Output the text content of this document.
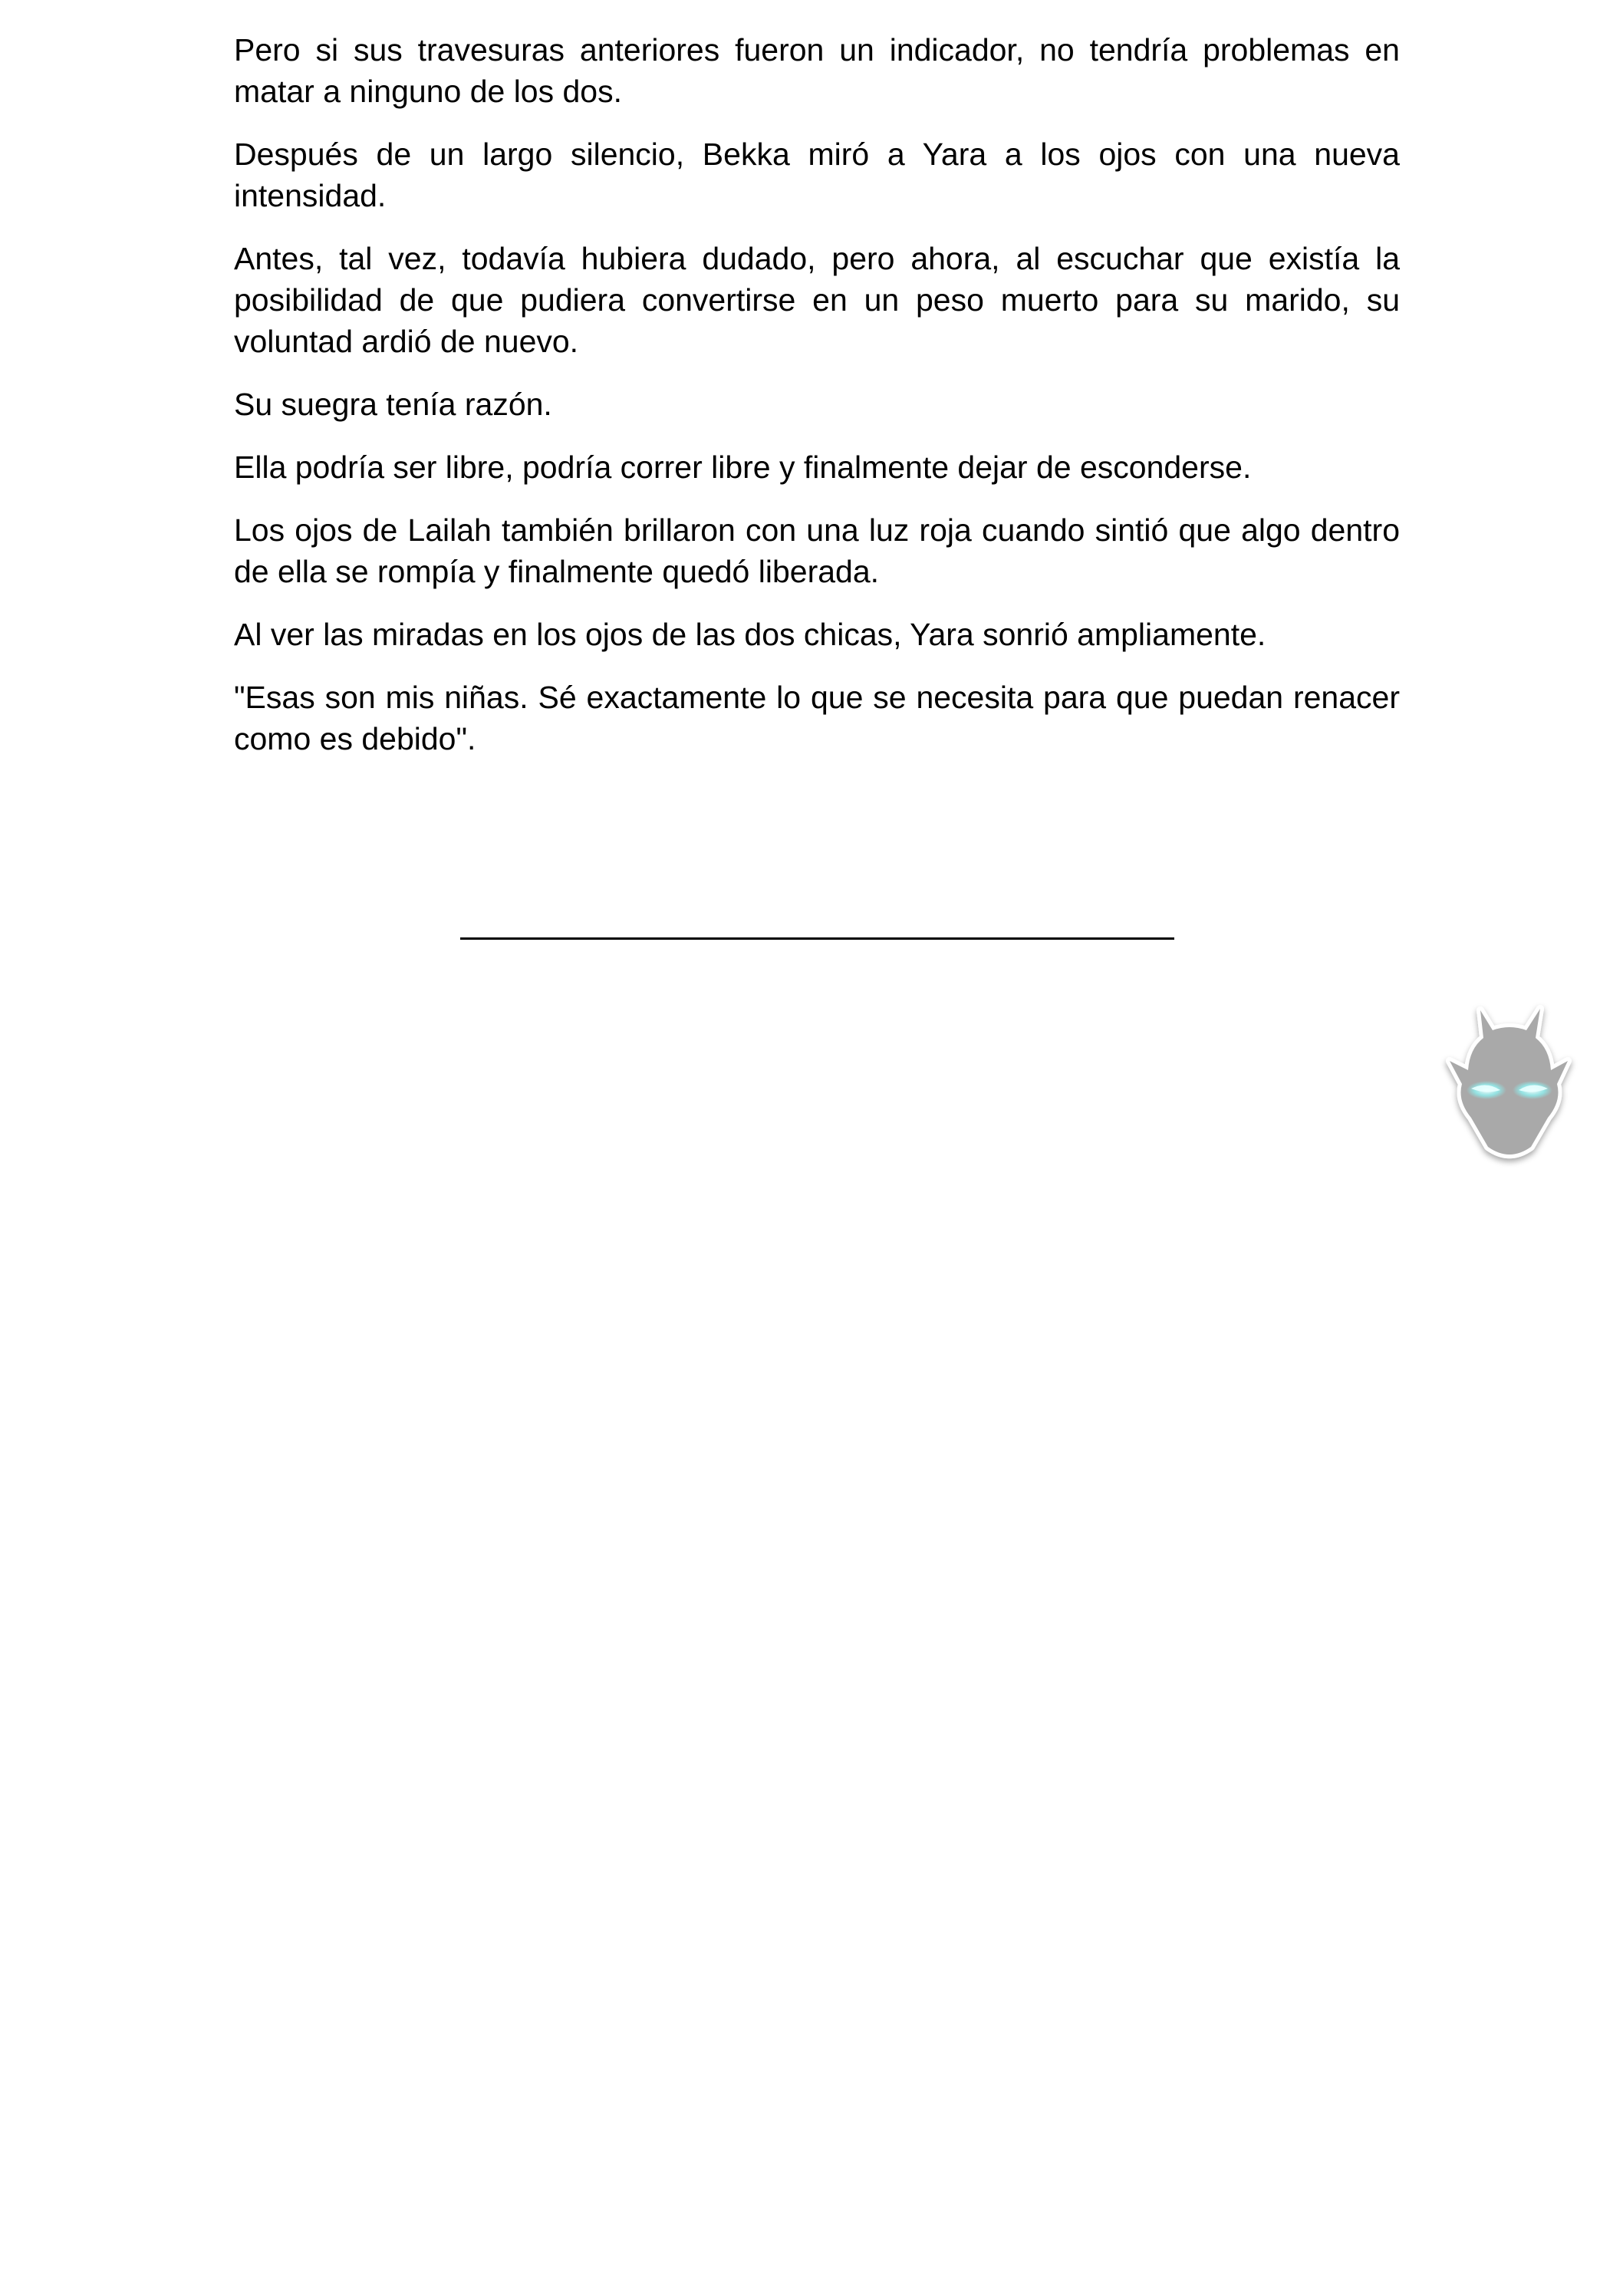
Pero si sus travesuras anteriores fueron un indicador, no tendría problemas en matar a ninguno de los dos.

Después de un largo silencio, Bekka miró a Yara a los ojos con una nueva intensidad.

Antes, tal vez, todavía hubiera dudado, pero ahora, al escuchar que existía la posibilidad de que pudiera convertirse en un peso muerto para su marido, su voluntad ardió de nuevo.

Su suegra tenía razón.

Ella podría ser libre, podría correr libre y finalmente dejar de esconderse.

Los ojos de Lailah también brillaron con una luz roja cuando sintió que algo dentro de ella se rompía y finalmente quedó liberada.

Al ver las miradas en los ojos de las dos chicas, Yara sonrió ampliamente.

"Esas son mis niñas. Sé exactamente lo que se necesita para que puedan renacer como es debido".
